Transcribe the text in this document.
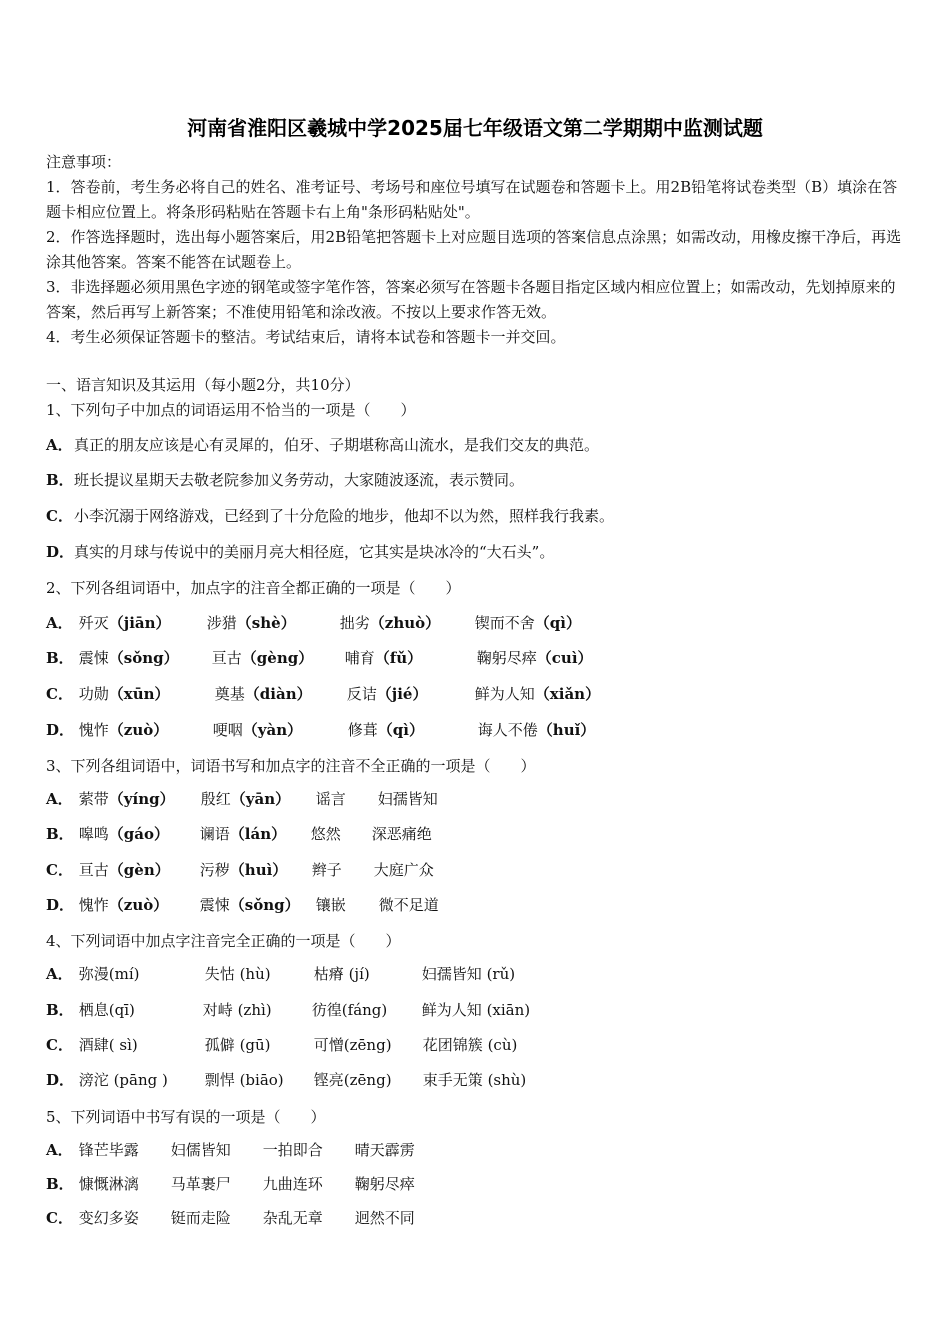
河南省淮阳区羲城中学2025届七年级语文第二学期期中监测试题

注意事项：

1．答卷前，考生务必将自己的姓名、准考证号、考场号和座位号填写在试题卷和答题卡上。用2B铅笔将试卷类型（B）填涂在答题卡相应位置上。将条形码粘贴在答题卡右上角"条形码粘贴处"。

2．作答选择题时，选出每小题答案后，用2B铅笔把答题卡上对应题目选项的答案信息点涂黑；如需改动，用橡皮擦干净后，再选涂其他答案。答案不能答在试题卷上。

3．非选择题必须用黑色字迹的钢笔或签字笔作答，答案必须写在答题卡各题目指定区域内相应位置上；如需改动，先划掉原来的答案，然后再写上新答案；不准使用铅笔和涂改液。不按以上要求作答无效。

4．考生必须保证答题卡的整洁。考试结束后，请将本试卷和答题卡一并交回。

一、语言知识及其运用（每小题2分，共10分）
1、下列句子中加点的词语运用不恰当的一项是（　　）
A．真正的朋友应该是心有灵犀的，伯牙、子期堪称高山流水，是我们交友的典范。
B．班长提议星期天去敬老院参加义务劳动，大家随波逐流，表示赞同。
C．小李沉溺于网络游戏，已经到了十分危险的地步，他却不以为然，照样我行我素。
D．真实的月球与传说中的美丽月亮大相径庭，它其实是块冰冷的“大石头”。
2、下列各组词语中，加点字的注音全都正确的一项是（　　）
A． 歼灭（jiān） 涉猎（shè）	拙劣（zhuò） 锲而不舍（qì）
B． 震悚（sǒng） 亘古（gèng） 哺育（fǔ）	鞠躬尽瘁（cuì）
C． 功勋（xūn）	奠基（diàn） 反诘（jié）	鲜为人知（xiǎn）
D． 愧怍（zuò）	哽咽（yàn）	修葺（qì）	诲人不倦（huǐ）
3、下列各组词语中，词语书写和加点字的注音不全正确的一项是（　　）
A． 萦带（yíng） 殷红（yān） 谣言 妇孺皆知
B． 嗥鸣（gáo） 谰语（lán） 悠然 深恶痛绝
C． 亘古（gèn） 污秽（huì） 辫子 大庭广众
D． 愧怍（zuò） 震悚（sǒng） 镶嵌 微不足道
4、下列词语中加点字注音完全正确的一项是（　　）
A． 弥漫(mí)	失怙 (hù)	枯瘠 (jí)	妇孺皆知 (rǔ)
B． 栖息(qī)	对峙 (zhì)	彷徨(fáng) 鲜为人知 (xiān)
C． 酒肆( sì)	孤僻 (gū)	可憎(zēng) 花团锦簇 (cù)
D． 滂沱 (pāng ) 剽悍 (biāo) 铿亮(zēng) 束手无策 (shù)
5、下列词语中书写有误的一项是（　　）
A． 锋芒毕露 妇儒皆知 一拍即合 晴天霹雳
B． 慷慨淋漓 马革裹尸 九曲连环 鞠躬尽瘁
C． 变幻多姿 铤而走险 杂乱无章 迥然不同
